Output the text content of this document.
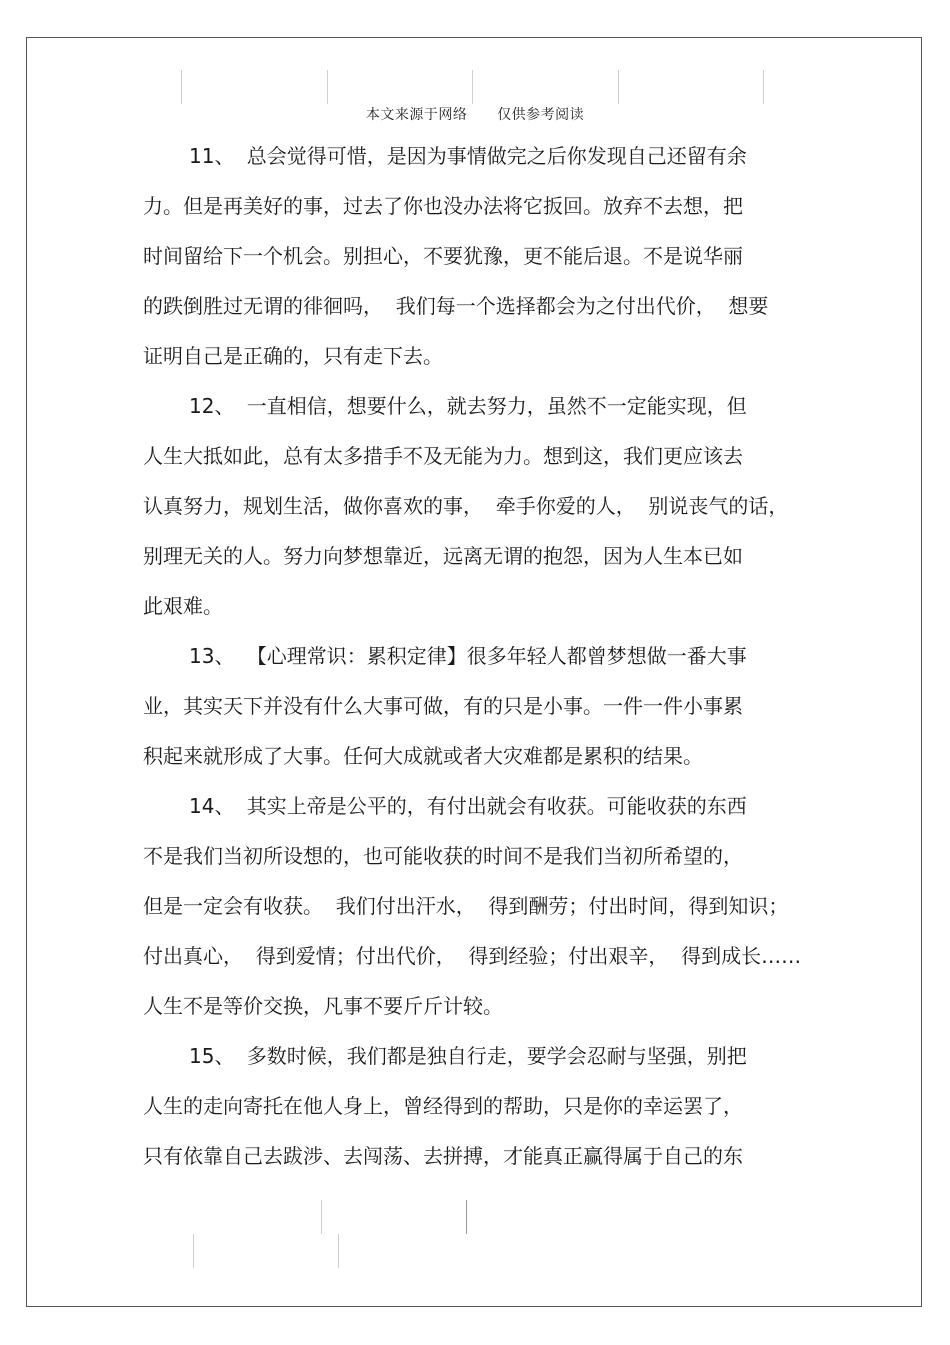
本文来源于网络      仅供参考阅读
11、 总会觉得可惜，是因为事情做完之后你发现自己还留有余
力。但是再美好的事，过去了你也没办法将它扳回。放弃不去想，把
时间留给下一个机会。别担心，不要犹豫，更不能后退。不是说华丽
的跌倒胜过无谓的徘徊吗，  我们每一个选择都会为之付出代价，  想要
证明自己是正确的，只有走下去。
12、 一直相信，想要什么，就去努力，虽然不一定能实现，但
人生大抵如此，总有太多措手不及无能为力。想到这，我们更应该去
认真努力，规划生活，做你喜欢的事，  牵手你爱的人，  别说丧气的话，
别理无关的人。努力向梦想靠近，远离无谓的抱怨，因为人生本已如
此艰难。
13、 【心理常识：累积定律】很多年轻人都曾梦想做一番大事
业，其实天下并没有什么大事可做，有的只是小事。一件一件小事累
积起来就形成了大事。任何大成就或者大灾难都是累积的结果。
14、 其实上帝是公平的，有付出就会有收获。可能收获的东西
不是我们当初所设想的，也可能收获的时间不是我们当初所希望的，
但是一定会有收获。  我们付出汗水，  得到酬劳；付出时间，得到知识；
付出真心，  得到爱情；付出代价，  得到经验；付出艰辛，  得到成长……
人生不是等价交换，凡事不要斤斤计较。
15、 多数时候，我们都是独自行走，要学会忍耐与坚强，别把
人生的走向寄托在他人身上，曾经得到的帮助，只是你的幸运罢了，
只有依靠自己去跋涉、去闯荡、去拼搏，才能真正赢得属于自己的东
